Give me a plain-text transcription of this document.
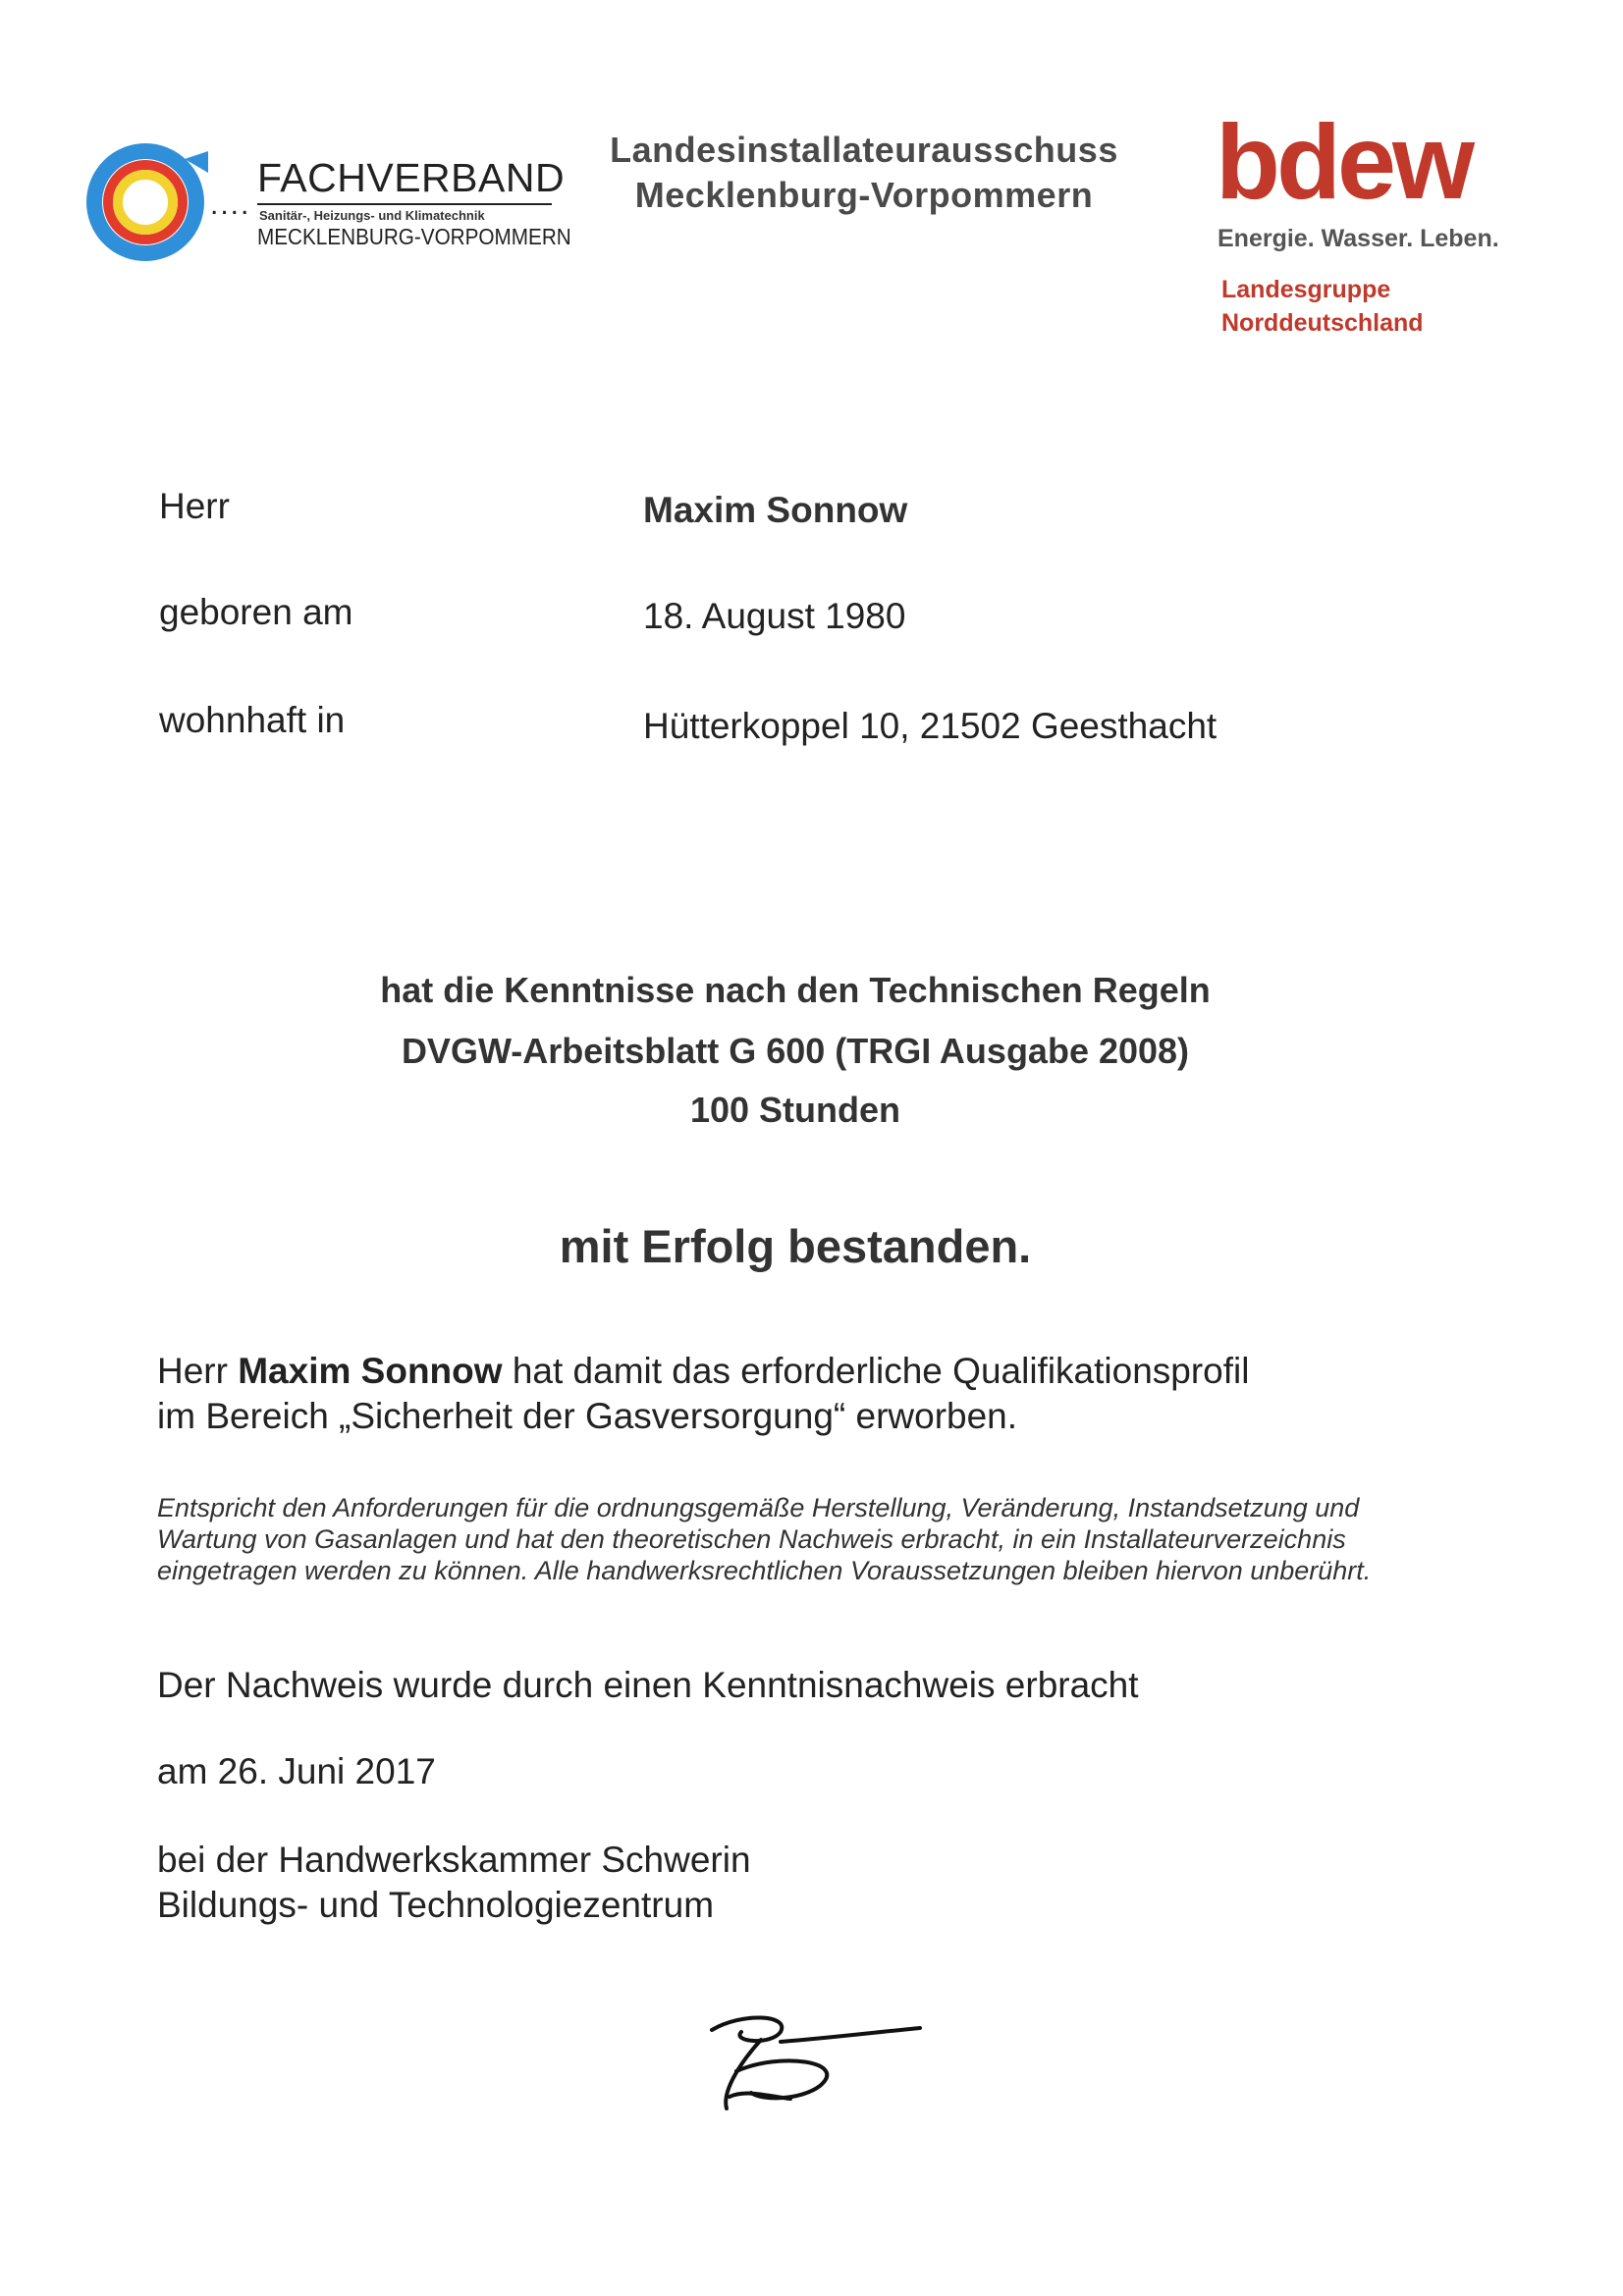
....
FACHVERBAND
Sanitär-, Heizungs- und Klimatechnik
MECKLENBURG-VORPOMMERN
Landesinstallateurausschuss
Mecklenburg-Vorpommern	bdew
Energie. Wasser. Leben.
Landesgruppe
Norddeutschland
Herr	Maxim Sonnow
geboren am	18. August 1980
wohnhaft in	Hütterkoppel 10, 21502 Geesthacht
hat die Kenntnisse nach den Technischen Regeln
DVGW-Arbeitsblatt G 600 (TRGI Ausgabe 2008)
100 Stunden
mit Erfolg bestanden.
Herr Maxim Sonnow hat damit das erforderliche Qualifikationsprofil
im Bereich „Sicherheit der Gasversorgung“ erworben.
Entspricht den Anforderungen für die ordnungsgemäße Herstellung, Veränderung, Instandsetzung und
Wartung von Gasanlagen und hat den theoretischen Nachweis erbracht, in ein Installateurverzeichnis
eingetragen werden zu können. Alle handwerksrechtlichen Voraussetzungen bleiben hiervon unberührt.
Der Nachweis wurde durch einen Kenntnisnachweis erbracht
am 26. Juni 2017
bei der Handwerkskammer Schwerin
Bildungs- und Technologiezentrum
